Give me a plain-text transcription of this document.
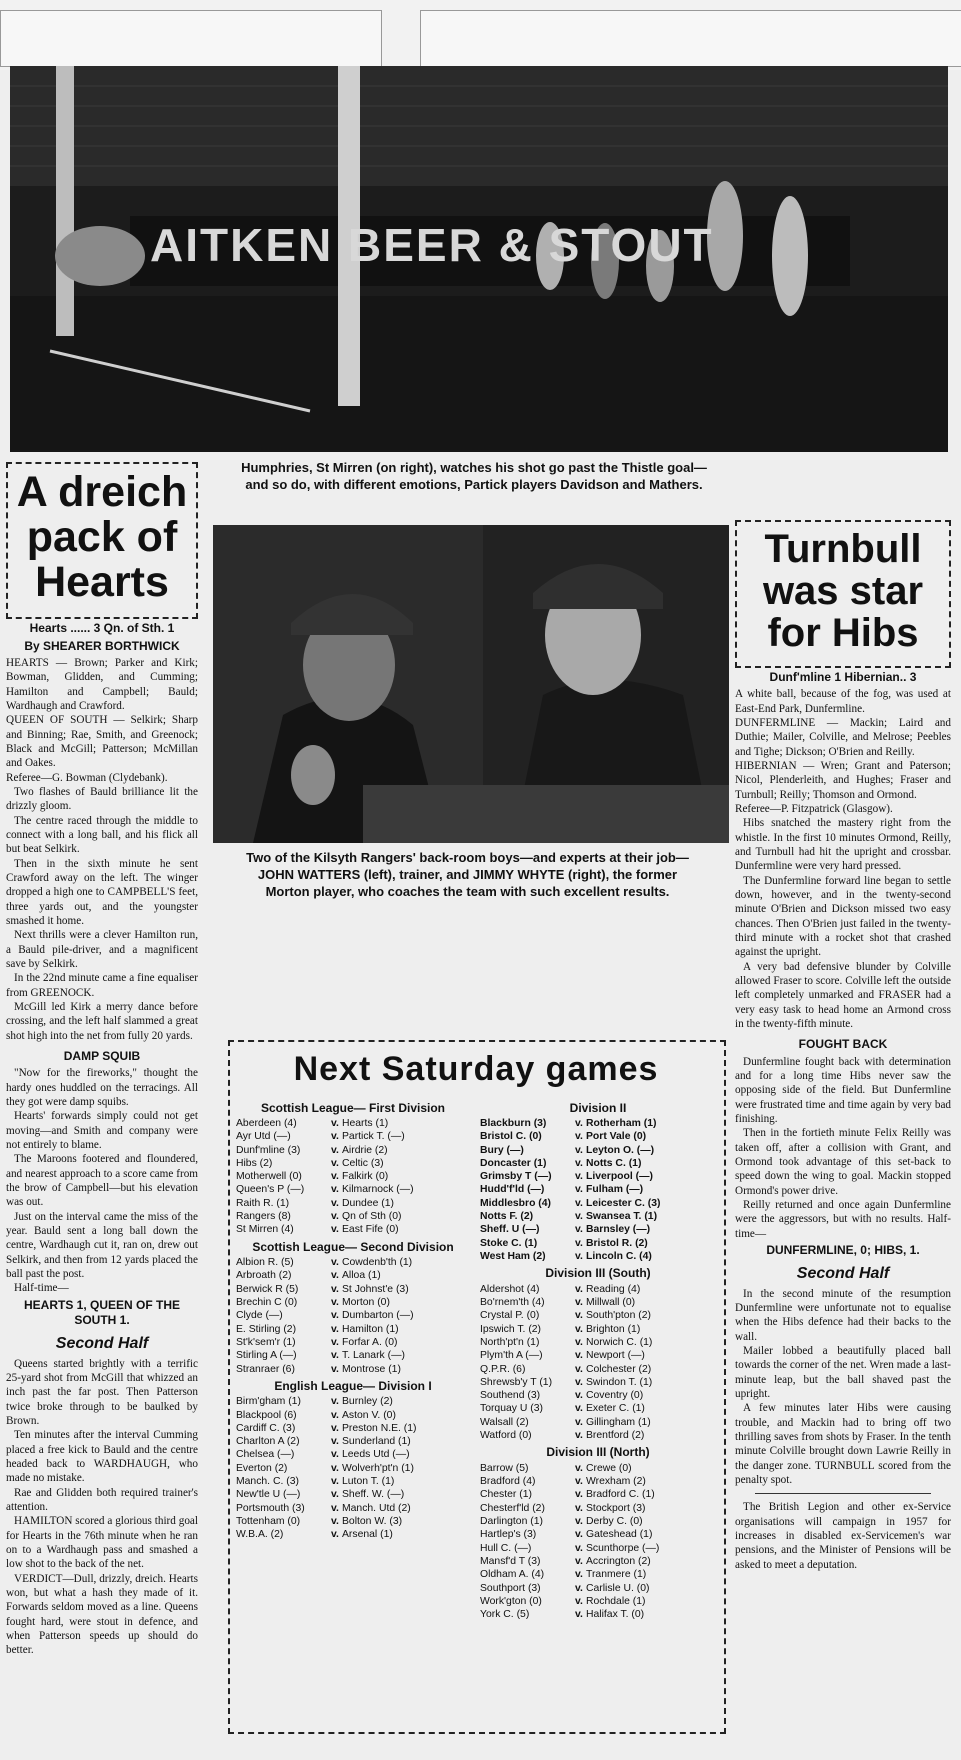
AITKEN BEER & STOUT
Humphries, St Mirren (on right), watches his shot go past the Thistle goal—and so do, with different emotions, Partick players Davidson and Mathers.
Two of the Kilsyth Rangers' back-room boys—and experts at their job—JOHN WATTERS (left), trainer, and JIMMY WHYTE (right), the former Morton player, who coaches the team with such excellent results.
A dreich pack of Hearts
Hearts ...... 3 Qn. of Sth. 1
By SHEARER BORTHWICK

HEARTS — Brown; Parker and Kirk; Bowman, Glidden, and Cumming; Hamilton and Campbell; Bauld; Wardhaugh and Crawford.

QUEEN OF SOUTH — Selkirk; Sharp and Binning; Rae, Smith, and Greenock; Black and McGill; Patterson; McMillan and Oakes.

Referee—G. Bowman (Clydebank).

Two flashes of Bauld brilliance lit the drizzly gloom.

The centre raced through the middle to connect with a long ball, and his flick all but beat Selkirk.

Then in the sixth minute he sent Crawford away on the left. The winger dropped a high one to CAMPBELL'S feet, three yards out, and the youngster smashed it home.

Next thrills were a clever Hamilton run, a Bauld pile-driver, and a magnificent save by Selkirk.

In the 22nd minute came a fine equaliser from GREENOCK.

McGill led Kirk a merry dance before crossing, and the left half slammed a great shot high into the net from fully 20 yards.

DAMP SQUIB

"Now for the fireworks," thought the hardy ones huddled on the terracings. All they got were damp squibs.

Hearts' forwards simply could not get moving—and Smith and company were not entirely to blame.

The Maroons footered and floundered, and nearest approach to a score came from the brow of Campbell—but his elevation was out.

Just on the interval came the miss of the year. Bauld sent a long ball down the centre, Wardhaugh cut it, ran on, drew out Selkirk, and then from 12 yards placed the ball past the post.

Half-time—

HEARTS 1, QUEEN OF THE SOUTH 1.
Second Half

Queens started brightly with a terrific 25-yard shot from McGill that whizzed an inch past the far post. Then Patterson twice broke through to be baulked by Brown.

Ten minutes after the interval Cumming placed a free kick to Bauld and the centre headed back to WARDHAUGH, who made no mistake.

Rae and Glidden both required trainer's attention.

HAMILTON scored a glorious third goal for Hearts in the 76th minute when he ran on to a Wardhaugh pass and smashed a low shot to the back of the net.

VERDICT—Dull, drizzly, dreich. Hearts won, but what a hash they made of it. Forwards seldom moved as a line. Queens fought hard, were stout in defence, and when Patterson speeds up should do better.

Turnbull was star for Hibs
Dunf'mline 1 Hibernian.. 3

A white ball, because of the fog, was used at East-End Park, Dunfermline.

DUNFERMLINE — Mackin; Laird and Duthie; Mailer, Colville, and Melrose; Peebles and Tighe; Dickson; O'Brien and Reilly.

HIBERNIAN — Wren; Grant and Paterson; Nicol, Plenderleith, and Hughes; Fraser and Turnbull; Reilly; Thomson and Ormond.

Referee—P. Fitzpatrick (Glasgow).

Hibs snatched the mastery right from the whistle. In the first 10 minutes Ormond, Reilly, and Turnbull had hit the upright and crossbar. Dunfermline were very hard pressed.

The Dunfermline forward line began to settle down, however, and in the twenty-second minute O'Brien and Dickson missed two easy chances. Then O'Brien just failed in the twenty-third minute with a rocket shot that crashed against the upright.

A very bad defensive blunder by Colville allowed Fraser to score. Colville left the outside left completely unmarked and FRASER had a very easy task to head home an Armond cross in the twenty-fifth minute.

FOUGHT BACK

Dunfermline fought back with determination and for a long time Hibs never saw the opposing side of the field. But Dunfermline were frustrated time and time again by very bad finishing.

Then in the fortieth minute Felix Reilly was taken off, after a collision with Grant, and Ormond took advantage of this set-back to speed down the wing to goal. Mackin stopped Ormond's power drive.

Reilly returned and once again Dunfermline were the aggressors, but with no results. Half-time—

DUNFERMLINE, 0; HIBS, 1.
Second Half

In the second minute of the resumption Dunfermline were unfortunate not to equalise when the Hibs defence had their backs to the wall.

Mailer lobbed a beautifully placed ball towards the corner of the net. Wren made a last-minute leap, but the ball shaved past the upright.

A few minutes later Hibs were causing trouble, and Mackin had to bring off two thrilling saves from shots by Fraser. In the tenth minute Colville brought down Lawrie Reilly in the danger zone. TURNBULL scored from the penalty spot.

The British Legion and other ex-Service organisations will campaign in 1957 for increases in disabled ex-Servicemen's war pensions, and the Minister of Pensions will be asked to meet a deputation.

Next Saturday games
Scottish League— First Division
Aberdeen (4)	v. Hearts (1)
Ayr Utd (—)	v. Partick T. (—)
Dunf'mline (3)	v. Airdrie (2)
Hibs (2)	v. Celtic (3)
Motherwell (0)	v. Falkirk (0)
Queen's P (—)	v. Kilmarnock (—)
Raith R. (1)	v. Dundee (1)
Rangers (8)	v. Qn of Sth (0)
St Mirren (4)	v. East Fife (0)
Scottish League— Second Division
Albion R. (5)	v. Cowdenb'th (1)
Arbroath (2)	v. Alloa (1)
Berwick R (5)	v. St Johnst'e (3)
Brechin C (0)	v. Morton (0)
Clyde (—)	v. Dumbarton (—)
E. Stirling (2)	v. Hamilton (1)
St'k'sem'r (1)	v. Forfar A. (0)
Stirling A (—)	v. T. Lanark (—)
Stranraer (6)	v. Montrose (1)
English League— Division I
Birm'gham (1)	v. Burnley (2)
Blackpool (6)	v. Aston V. (0)
Cardiff C. (3)	v. Preston N.E. (1)
Charlton A (2)	v. Sunderland (1)
Chelsea (—)	v. Leeds Utd (—)
Everton (2)	v. Wolverh'pt'n (1)
Manch. C. (3)	v. Luton T. (1)
New'tle U (—)	v. Sheff. W. (—)
Portsmouth (3)	v. Manch. Utd (2)
Tottenham (0)	v. Bolton W. (3)
W.B.A. (2)	v. Arsenal (1)
Division II
Blackburn (3)	v. Rotherham (1)
Bristol C. (0)	v. Port Vale (0)
Bury (—)	v. Leyton O. (—)
Doncaster (1)	v. Notts C. (1)
Grimsby T (—)	v. Liverpool (—)
Hudd'f'ld (—)	v. Fulham (—)
Middlesbro (4)	v. Leicester C. (3)
Notts F. (2)	v. Swansea T. (1)
Sheff. U (—)	v. Barnsley (—)
Stoke C. (1)	v. Bristol R. (2)
West Ham (2)	v. Lincoln C. (4)
Division III (South)
Aldershot (4)	v. Reading (4)
Bo'rnem'th (4)	v. Millwall (0)
Crystal P. (0)	v. South'pton (2)
Ipswich T. (2)	v. Brighton (1)
North'pt'n (1)	v. Norwich C. (1)
Plym'th A (—)	v. Newport (—)
Q.P.R. (6)	v. Colchester (2)
Shrewsb'y T (1)	v. Swindon T. (1)
Southend (3)	v. Coventry (0)
Torquay U (3)	v. Exeter C. (1)
Walsall (2)	v. Gillingham (1)
Watford (0)	v. Brentford (2)
Division III (North)
Barrow (5)	v. Crewe (0)
Bradford (4)	v. Wrexham (2)
Chester (1)	v. Bradford C. (1)
Chesterf'ld (2)	v. Stockport (3)
Darlington (1)	v. Derby C. (0)
Hartlep's (3)	v. Gateshead (1)
Hull C. (—)	v. Scunthorpe (—)
Mansf'd T (3)	v. Accrington (2)
Oldham A. (4)	v. Tranmere (1)
Southport (3)	v. Carlisle U. (0)
Work'gton (0)	v. Rochdale (1)
York C. (5)	v. Halifax T. (0)
